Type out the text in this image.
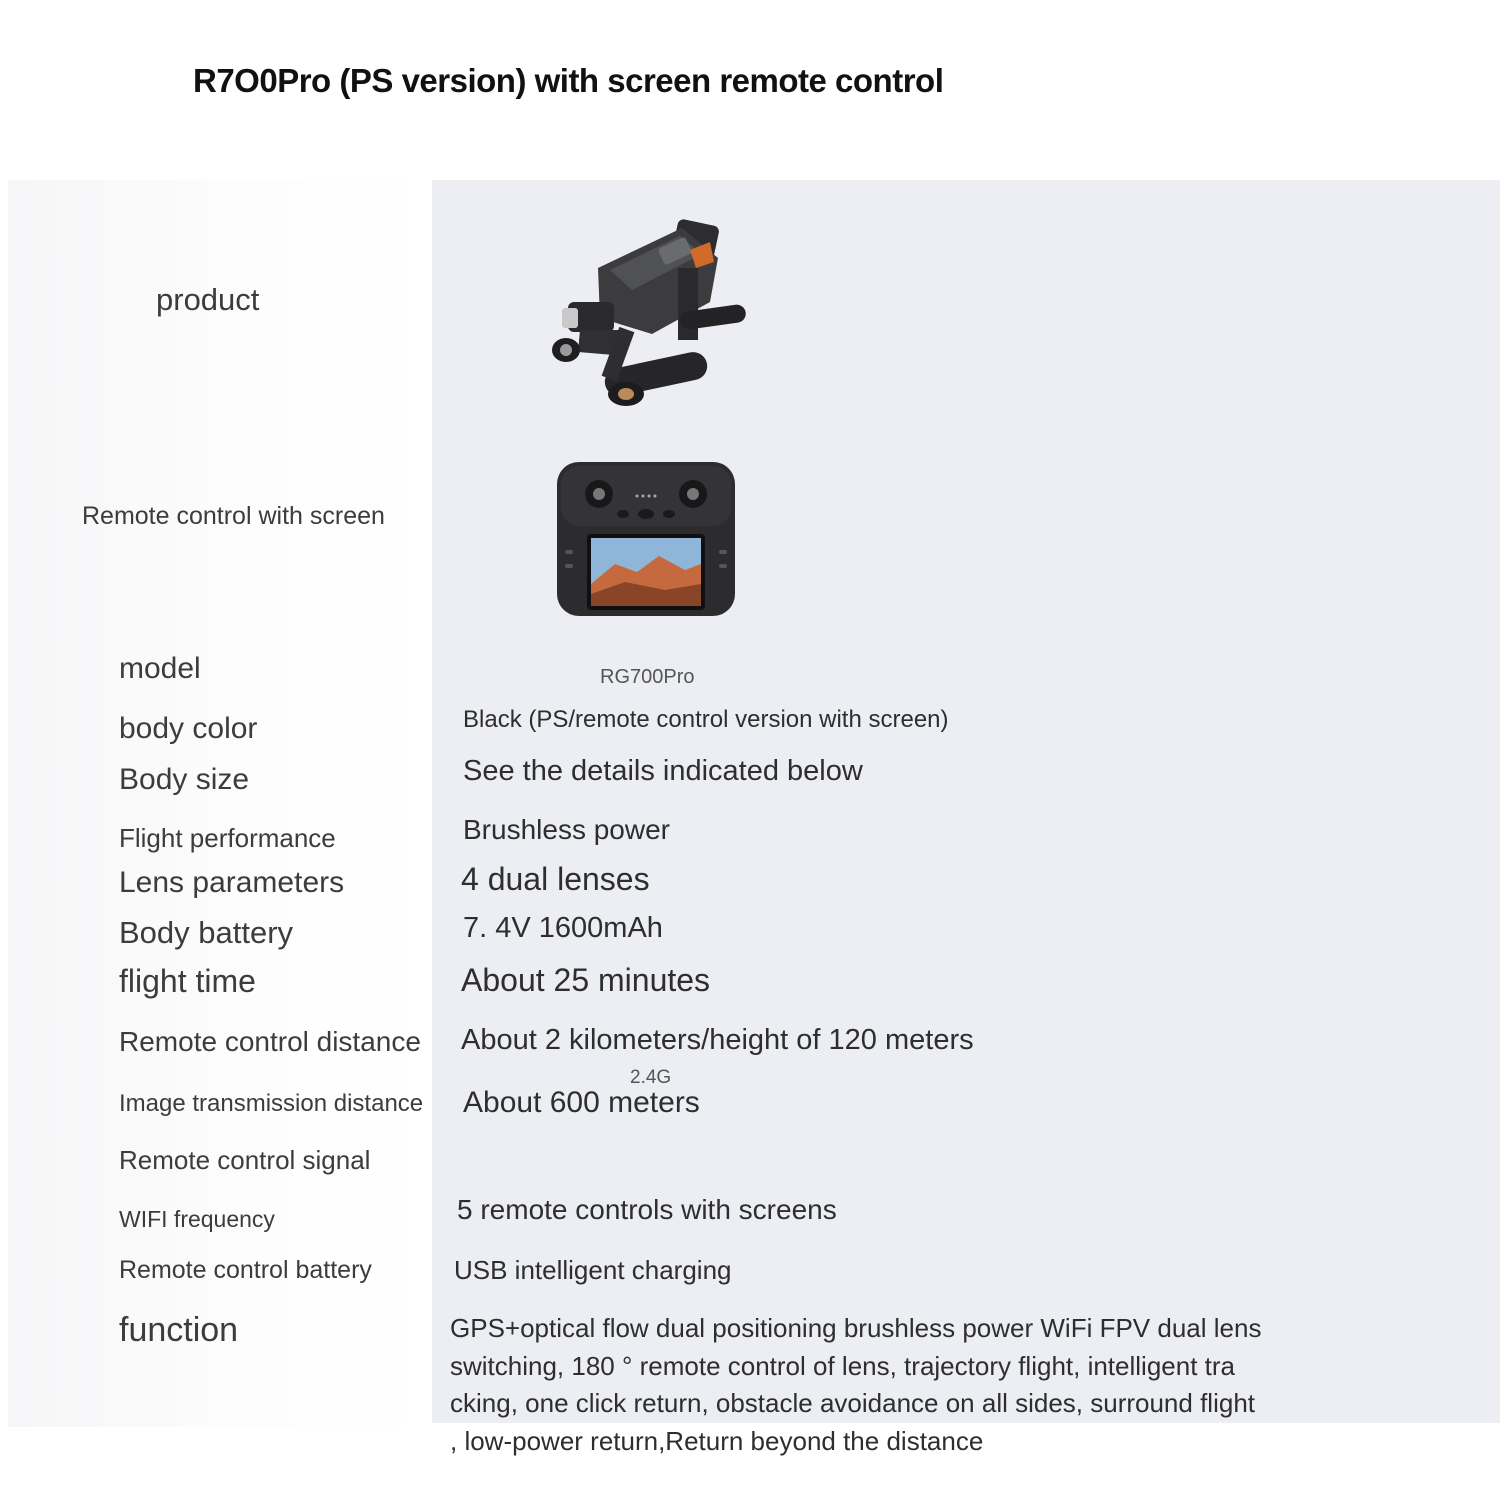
R7O0Pro (PS version) with screen remote control
product
Remote control with screen
model
body color
Body size
Flight performance
Lens parameters
Body battery
flight time
Remote control distance
Image transmission distance
Remote control signal
WIFI frequency
Remote control battery
function
RG700Pro
Black (PS/remote control version with screen)
See the details indicated below
Brushless power
4 dual lenses
7. 4V 1600mAh
About 25 minutes
About 2 kilometers/height of 120 meters
2.4G
About 600 meters
5 remote controls with screens
USB intelligent charging
GPS+optical flow dual positioning brushless power WiFi FPV dual lens
switching, 180 ° remote control of lens, trajectory flight, intelligent tra
cking, one click return, obstacle avoidance on all sides, surround flight
, low-power return,Return beyond the distance
